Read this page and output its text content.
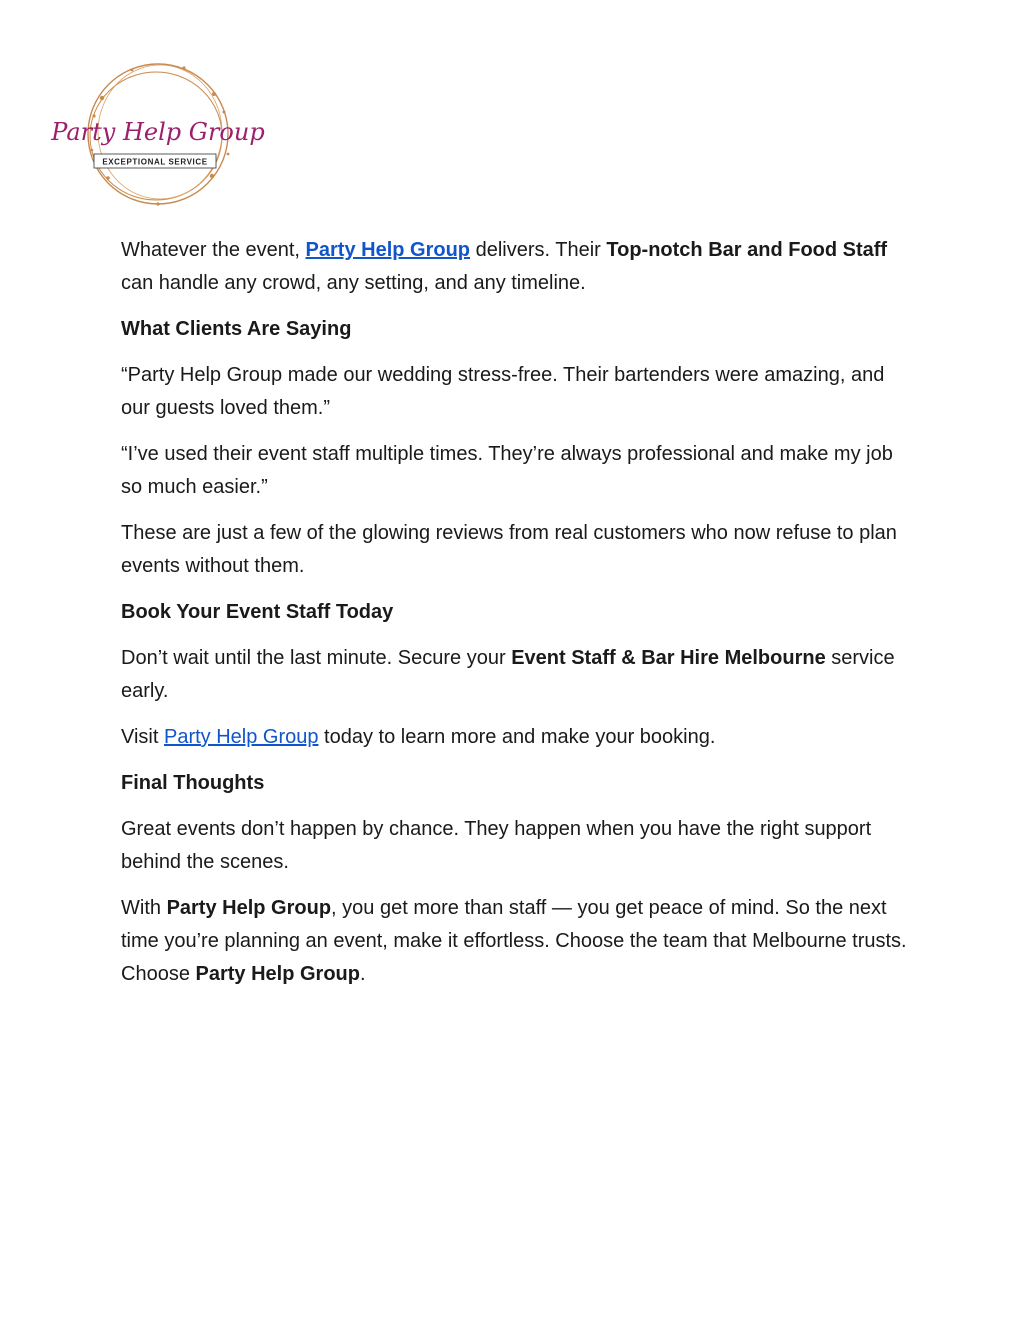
Party Help Group
EXCEPTIONAL SERVICE

Whatever the event, Party Help Group delivers. Their Top-notch Bar and Food Staff can handle any crowd, any setting, and any timeline.

What Clients Are Saying

“Party Help Group made our wedding stress-free. Their bartenders were amazing, and our guests loved them.”

“I’ve used their event staff multiple times. They’re always professional and make my job so much easier.”

These are just a few of the glowing reviews from real customers who now refuse to plan events without them.

Book Your Event Staff Today

Don’t wait until the last minute. Secure your Event Staff & Bar Hire Melbourne service early.

Visit Party Help Group today to learn more and make your booking.

Final Thoughts

Great events don’t happen by chance. They happen when you have the right support behind the scenes.

With Party Help Group, you get more than staff — you get peace of mind. So the next time you’re planning an event, make it effortless. Choose the team that Melbourne trusts. Choose Party Help Group.
